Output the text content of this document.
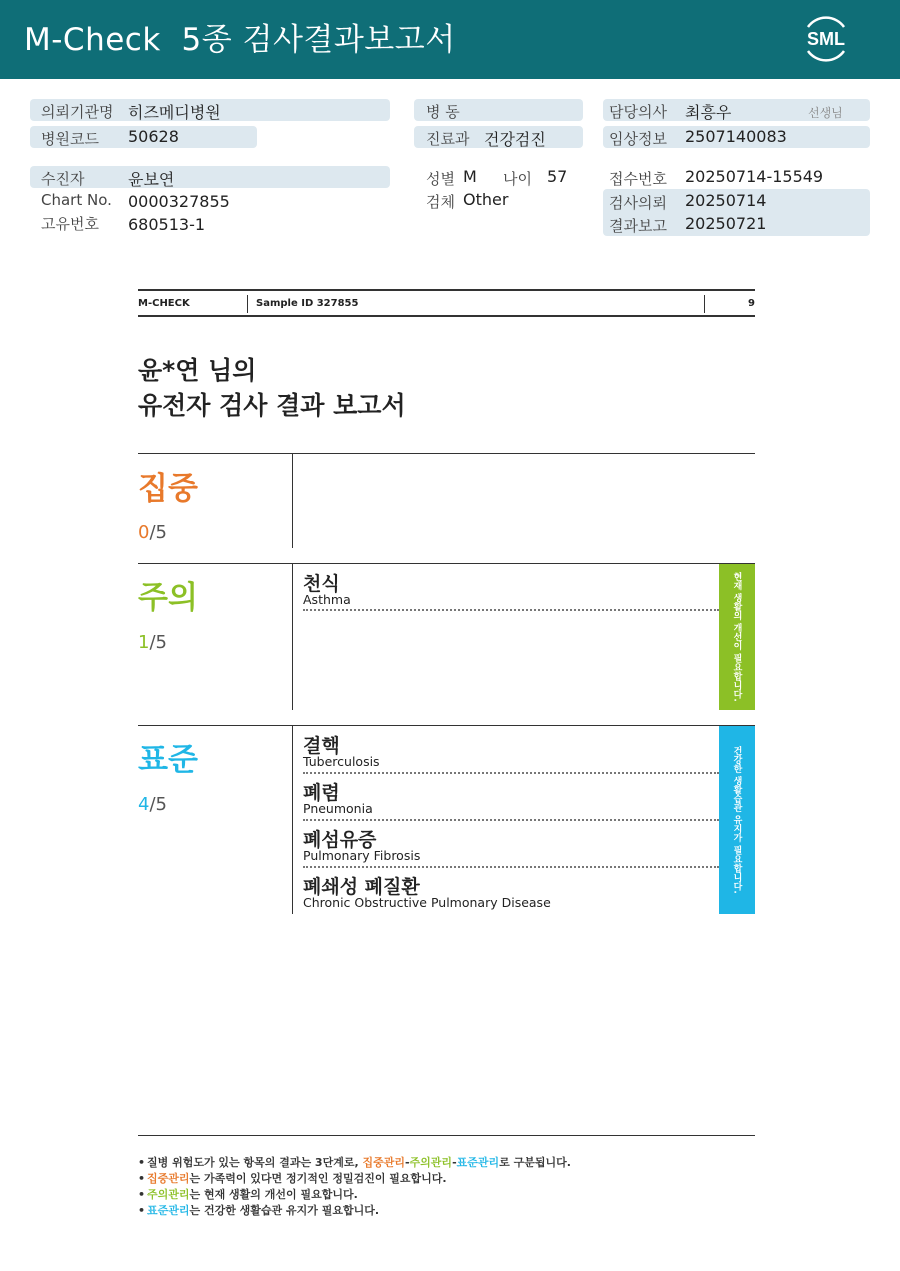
M-Check  5종 검사결과보고서	SML
의뢰기관명 히즈메디병원
병원코드 50628
병 동
진료과 건강검진
담당의사 최흥우	선생님
임상정보 2507140083
수진자	윤보연
Chart No. 0000327855
고유번호 680513-1
성별 M 나이 57
검체 Other
접수번호 20250714-15549
검사의뢰 20250714
결과보고 20250721
M-CHECK	Sample ID 327855	9
윤*연 님의
유전자 검사 결과 보고서
집중
0/5
주의
1/5
천식
Asthma	현재 생활의 개선이 필요합니다.
표준
4/5
결핵
Tuberculosis
폐렴
Pneumonia
폐섬유증
Pulmonary Fibrosis
폐쇄성 폐질환
Chronic Obstructive Pulmonary Disease
건강한 생활습관 유지가 필요합니다.
• 질병 위험도가 있는 항목의 결과는 3단계로, 집중관리-주의관리-표준관리로 구분됩니다.
• 집중관리는 가족력이 있다면 정기적인 정밀검진이 필요합니다.
• 주의관리는 현재 생활의 개선이 필요합니다.
• 표준관리는 건강한 생활습관 유지가 필요합니다.
